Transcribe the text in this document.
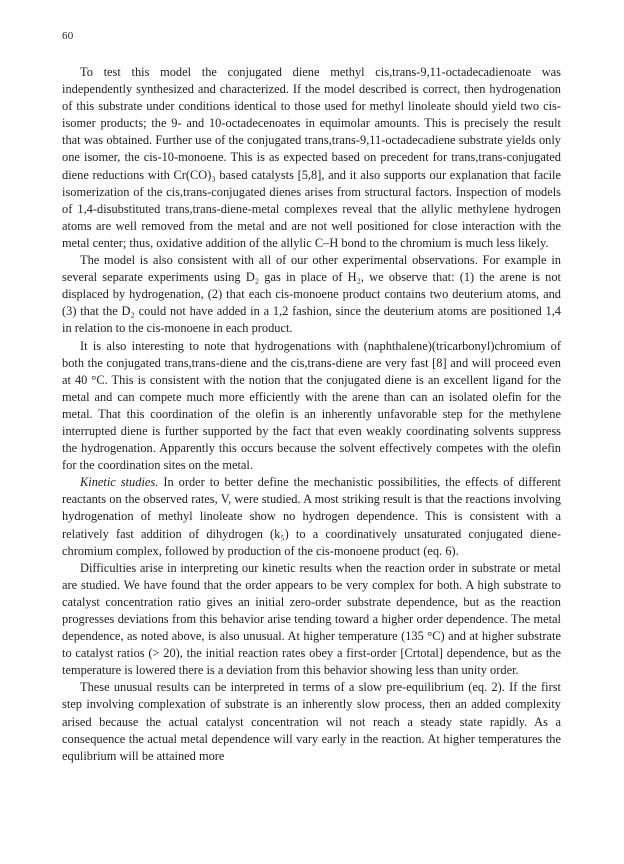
60

To test this model the conjugated diene methyl cis,trans-9,11-octadecadienoate was independently synthesized and characterized. If the model described is correct, then hydrogenation of this substrate under conditions identical to those used for methyl linoleate should yield two cis-isomer products; the 9- and 10-octadecenoates in equimolar amounts. This is precisely the result that was obtained. Further use of the conjugated trans,trans-9,11-octadecadiene substrate yields only one isomer, the cis-10-monoene. This is as expected based on precedent for trans,trans-conjugated diene reductions with Cr(CO)₃ based catalysts [5,8], and it also supports our explanation that facile isomerization of the cis,trans-conjugated dienes arises from structural factors. Inspection of models of 1,4-disubstituted trans,trans-diene-metal complexes reveal that the allylic methylene hydrogen atoms are well removed from the metal and are not well positioned for close interaction with the metal center; thus, oxidative addition of the allylic C–H bond to the chromium is much less likely.

The model is also consistent with all of our other experimental observations. For example in several separate experiments using D₂ gas in place of H₂, we observe that: (1) the arene is not displaced by hydrogenation, (2) that each cis-monoene product contains two deuterium atoms, and (3) that the D₂ could not have added in a 1,2 fashion, since the deuterium atoms are positioned 1,4 in relation to the cis-monoene in each product.

It is also interesting to note that hydrogenations with (naphthalene)(tricarbonyl)chromium of both the conjugated trans,trans-diene and the cis,trans-diene are very fast [8] and will proceed even at 40 °C. This is consistent with the notion that the conjugated diene is an excellent ligand for the metal and can compete much more efficiently with the arene than can an isolated olefin for the metal. That this coordination of the olefin is an inherently unfavorable step for the methylene interrupted diene is further supported by the fact that even weakly coordinating solvents suppress the hydrogenation. Apparently this occurs because the solvent effectively competes with the olefin for the coordination sites on the metal.

Kinetic studies. In order to better define the mechanistic possibilities, the effects of different reactants on the observed rates, V, were studied. A most striking result is that the reactions involving hydrogenation of methyl linoleate show no hydrogen dependence. This is consistent with a relatively fast addition of dihydrogen (k₅) to a coordinatively unsaturated conjugated diene-chromium complex, followed by production of the cis-monoene product (eq. 6).

Difficulties arise in interpreting our kinetic results when the reaction order in substrate or metal are studied. We have found that the order appears to be very complex for both. A high substrate to catalyst concentration ratio gives an initial zero-order substrate dependence, but as the reaction progresses deviations from this behavior arise tending toward a higher order dependence. The metal dependence, as noted above, is also unusual. At higher temperature (135 °C) and at higher substrate to catalyst ratios (> 20), the initial reaction rates obey a first-order [Crtotal] dependence, but as the temperature is lowered there is a deviation from this behavior showing less than unity order.

These unusual results can be interpreted in terms of a slow pre-equilibrium (eq. 2). If the first step involving complexation of substrate is an inherently slow process, then an added complexity arised because the actual catalyst concentration wil not reach a steady state rapidly. As a consequence the actual metal dependence will vary early in the reaction. At higher temperatures the equlibrium will be attained more
